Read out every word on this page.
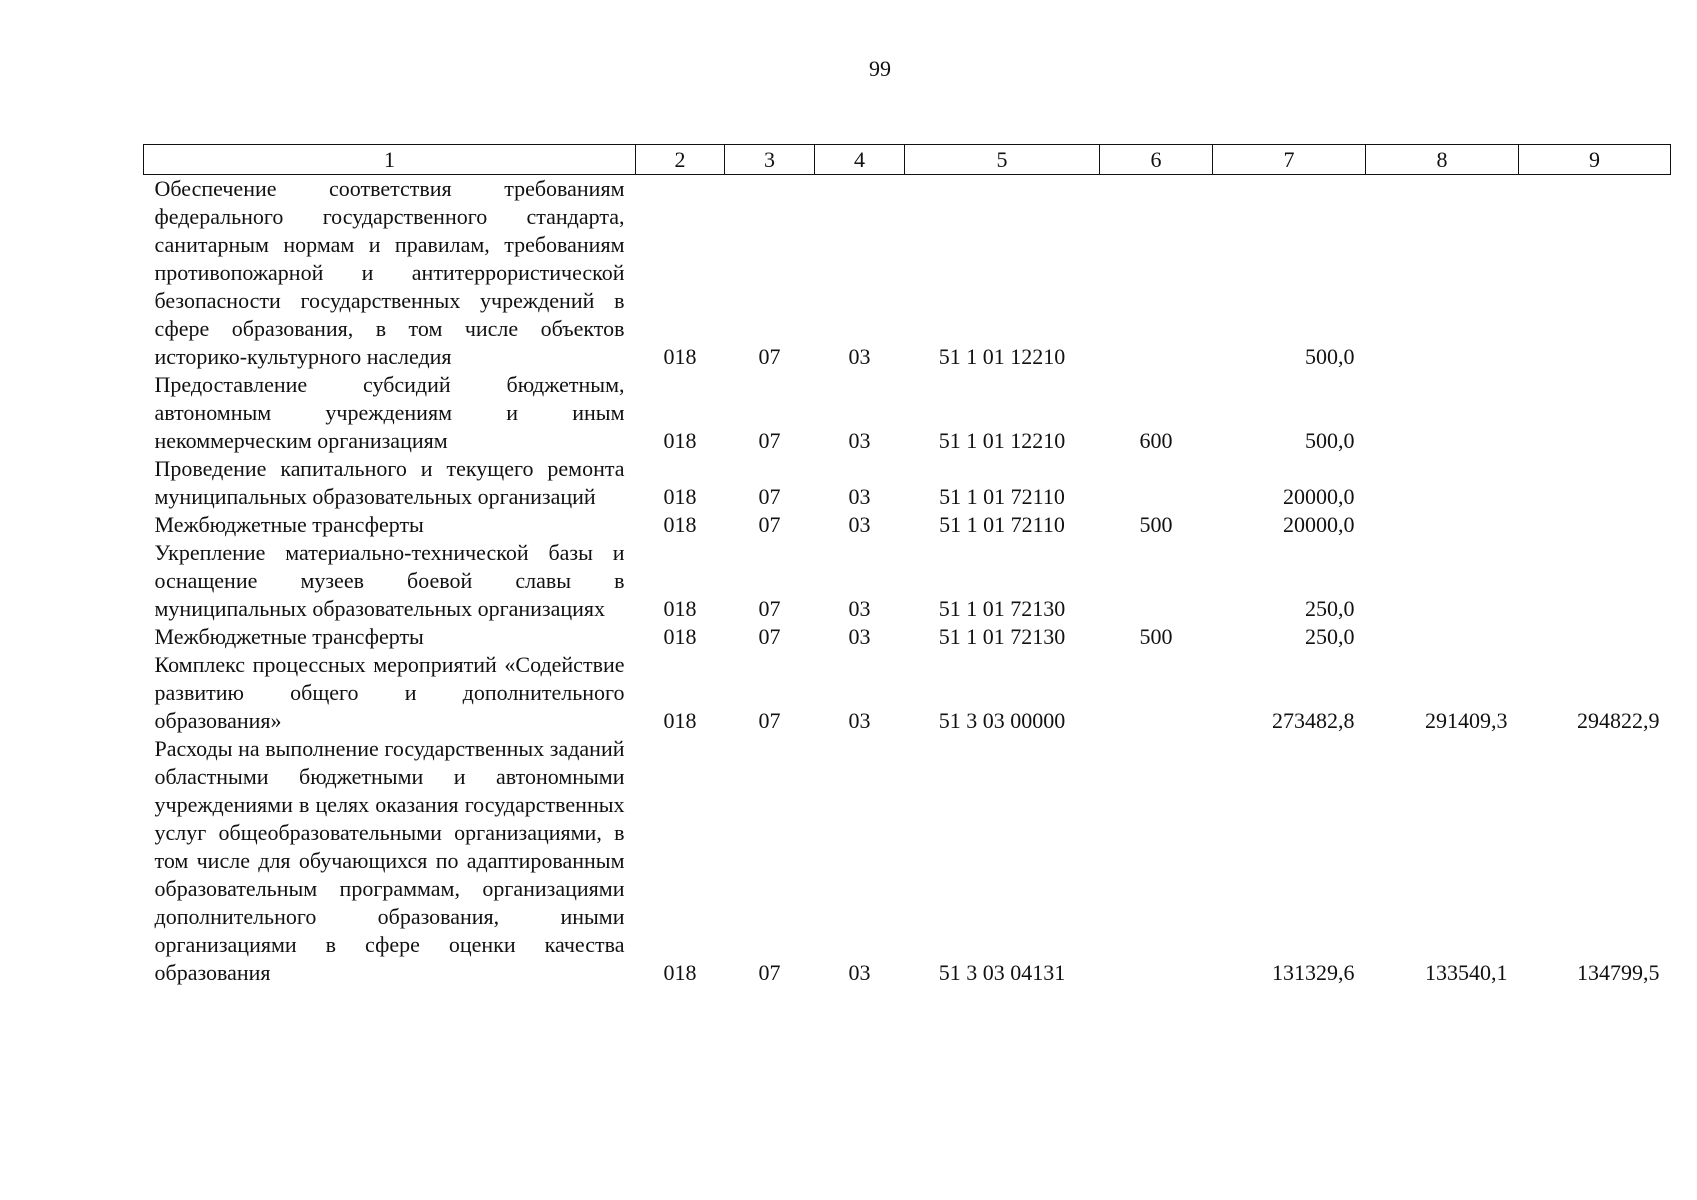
99
1	2	3	4	5	6	7	8	9
Обеспечение соответствия требованиям федерального государственного стандарта, санитарным нормам и правилам, требованиям противопожарной и антитеррористической безопасности государственных учреждений в сфере образования, в том числе объектов историко-культурного наследия	018	07	03	51 1 01 12210		500,0		
Предоставление субсидий бюджетным, автономным учреждениям и иным некоммерческим организациям	018	07	03	51 1 01 12210	600	500,0		
Проведение капитального и текущего ремонта муниципальных образовательных организаций	018	07	03	51 1 01 72110		20000,0		
Межбюджетные трансферты	018	07	03	51 1 01 72110	500	20000,0		
Укрепление материально-технической базы и оснащение музеев боевой славы в муниципальных образовательных организациях	018	07	03	51 1 01 72130		250,0		
Межбюджетные трансферты	018	07	03	51 1 01 72130	500	250,0		
Комплекс процессных мероприятий «Содействие развитию общего и дополнительного образования»	018	07	03	51 3 03 00000		273482,8	291409,3	294822,9
Расходы на выполнение государственных заданий областными бюджетными и автономными учреждениями в целях оказания государственных услуг общеобразовательными организациями, в том числе для обучающихся по адаптированным образовательным программам, организациями дополнительного образования, иными организациями в сфере оценки качества образования	018	07	03	51 3 03 04131		131329,6	133540,1	134799,5
